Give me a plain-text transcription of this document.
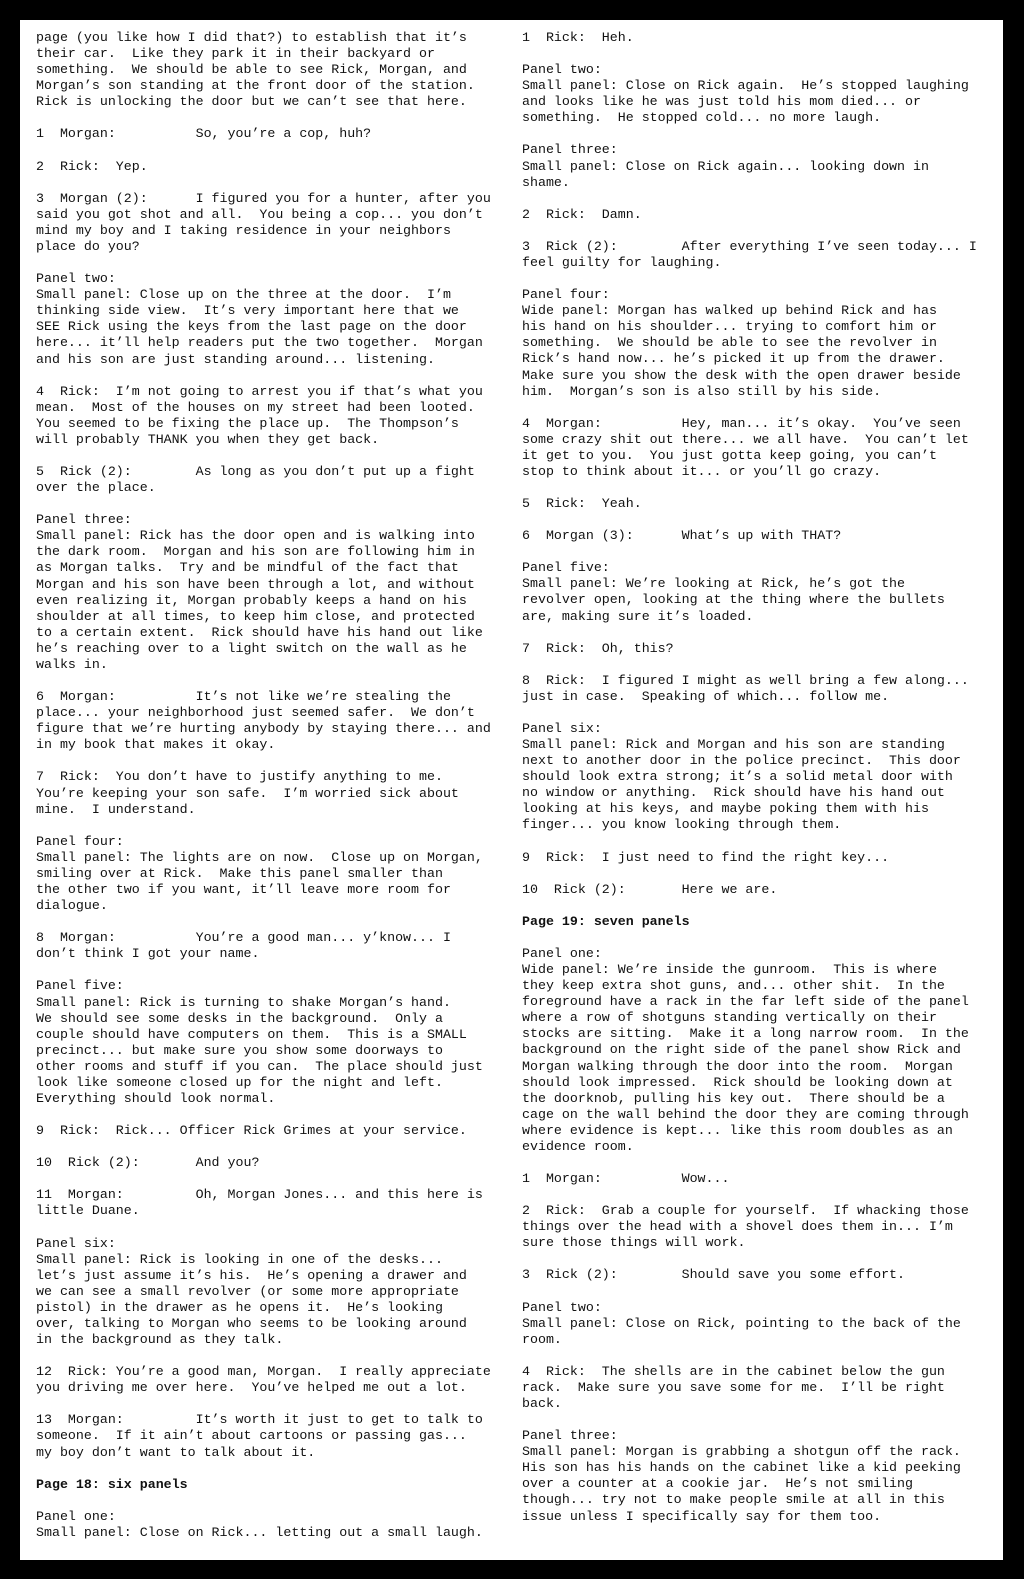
page (you like how I did that?) to establish that it’s
their car.  Like they park it in their backyard or
something.  We should be able to see Rick, Morgan, and
Morgan’s son standing at the front door of the station.
Rick is unlocking the door but we can’t see that here.

1  Morgan:          So, you’re a cop, huh?

2  Rick:  Yep.

3  Morgan (2):      I figured you for a hunter, after you
said you got shot and all.  You being a cop... you don’t
mind my boy and I taking residence in your neighbors
place do you?

Panel two:
Small panel: Close up on the three at the door.  I’m
thinking side view.  It’s very important here that we
SEE Rick using the keys from the last page on the door
here... it’ll help readers put the two together.  Morgan
and his son are just standing around... listening.

4  Rick:  I’m not going to arrest you if that’s what you
mean.  Most of the houses on my street had been looted.
You seemed to be fixing the place up.  The Thompson’s
will probably THANK you when they get back.

5  Rick (2):        As long as you don’t put up a fight
over the place.

Panel three:
Small panel: Rick has the door open and is walking into
the dark room.  Morgan and his son are following him in
as Morgan talks.  Try and be mindful of the fact that
Morgan and his son have been through a lot, and without
even realizing it, Morgan probably keeps a hand on his
shoulder at all times, to keep him close, and protected
to a certain extent.  Rick should have his hand out like
he’s reaching over to a light switch on the wall as he
walks in.

6  Morgan:          It’s not like we’re stealing the
place... your neighborhood just seemed safer.  We don’t
figure that we’re hurting anybody by staying there... and
in my book that makes it okay.

7  Rick:  You don’t have to justify anything to me.
You’re keeping your son safe.  I’m worried sick about
mine.  I understand.

Panel four:
Small panel: The lights are on now.  Close up on Morgan,
smiling over at Rick.  Make this panel smaller than
the other two if you want, it’ll leave more room for
dialogue.

8  Morgan:          You’re a good man... y’know... I
don’t think I got your name.

Panel five:
Small panel: Rick is turning to shake Morgan’s hand.
We should see some desks in the background.  Only a
couple should have computers on them.  This is a SMALL
precinct... but make sure you show some doorways to
other rooms and stuff if you can.  The place should just
look like someone closed up for the night and left.
Everything should look normal.

9  Rick:  Rick... Officer Rick Grimes at your service.

10  Rick (2):       And you?

11  Morgan:         Oh, Morgan Jones... and this here is
little Duane.

Panel six:
Small panel: Rick is looking in one of the desks...
let’s just assume it’s his.  He’s opening a drawer and
we can see a small revolver (or some more appropriate
pistol) in the drawer as he opens it.  He’s looking
over, talking to Morgan who seems to be looking around
in the background as they talk.

12  Rick: You’re a good man, Morgan.  I really appreciate
you driving me over here.  You’ve helped me out a lot.

13  Morgan:         It’s worth it just to get to talk to
someone.  If it ain’t about cartoons or passing gas...
my boy don’t want to talk about it.

Page 18: six panels

Panel one:
Small panel: Close on Rick... letting out a small laugh.

1  Rick:  Heh.

Panel two:
Small panel: Close on Rick again.  He’s stopped laughing
and looks like he was just told his mom died... or
something.  He stopped cold... no more laugh.

Panel three:
Small panel: Close on Rick again... looking down in
shame.

2  Rick:  Damn.

3  Rick (2):        After everything I’ve seen today... I
feel guilty for laughing.

Panel four:
Wide panel: Morgan has walked up behind Rick and has
his hand on his shoulder... trying to comfort him or
something.  We should be able to see the revolver in
Rick’s hand now... he’s picked it up from the drawer.
Make sure you show the desk with the open drawer beside
him.  Morgan’s son is also still by his side.

4  Morgan:          Hey, man... it’s okay.  You’ve seen
some crazy shit out there... we all have.  You can’t let
it get to you.  You just gotta keep going, you can’t
stop to think about it... or you’ll go crazy.

5  Rick:  Yeah.

6  Morgan (3):      What’s up with THAT?

Panel five:
Small panel: We’re looking at Rick, he’s got the
revolver open, looking at the thing where the bullets
are, making sure it’s loaded.

7  Rick:  Oh, this?

8  Rick:  I figured I might as well bring a few along...
just in case.  Speaking of which... follow me.

Panel six:
Small panel: Rick and Morgan and his son are standing
next to another door in the police precinct.  This door
should look extra strong; it’s a solid metal door with
no window or anything.  Rick should have his hand out
looking at his keys, and maybe poking them with his
finger... you know looking through them.

9  Rick:  I just need to find the right key...

10  Rick (2):       Here we are.

Page 19: seven panels

Panel one:
Wide panel: We’re inside the gunroom.  This is where
they keep extra shot guns, and... other shit.  In the
foreground have a rack in the far left side of the panel
where a row of shotguns standing vertically on their
stocks are sitting.  Make it a long narrow room.  In the
background on the right side of the panel show Rick and
Morgan walking through the door into the room.  Morgan
should look impressed.  Rick should be looking down at
the doorknob, pulling his key out.  There should be a
cage on the wall behind the door they are coming through
where evidence is kept... like this room doubles as an
evidence room.

1  Morgan:          Wow...

2  Rick:  Grab a couple for yourself.  If whacking those
things over the head with a shovel does them in... I’m
sure those things will work.

3  Rick (2):        Should save you some effort.

Panel two:
Small panel: Close on Rick, pointing to the back of the
room.

4  Rick:  The shells are in the cabinet below the gun
rack.  Make sure you save some for me.  I’ll be right
back.

Panel three:
Small panel: Morgan is grabbing a shotgun off the rack.
His son has his hands on the cabinet like a kid peeking
over a counter at a cookie jar.  He’s not smiling
though... try not to make people smile at all in this
issue unless I specifically say for them too.
